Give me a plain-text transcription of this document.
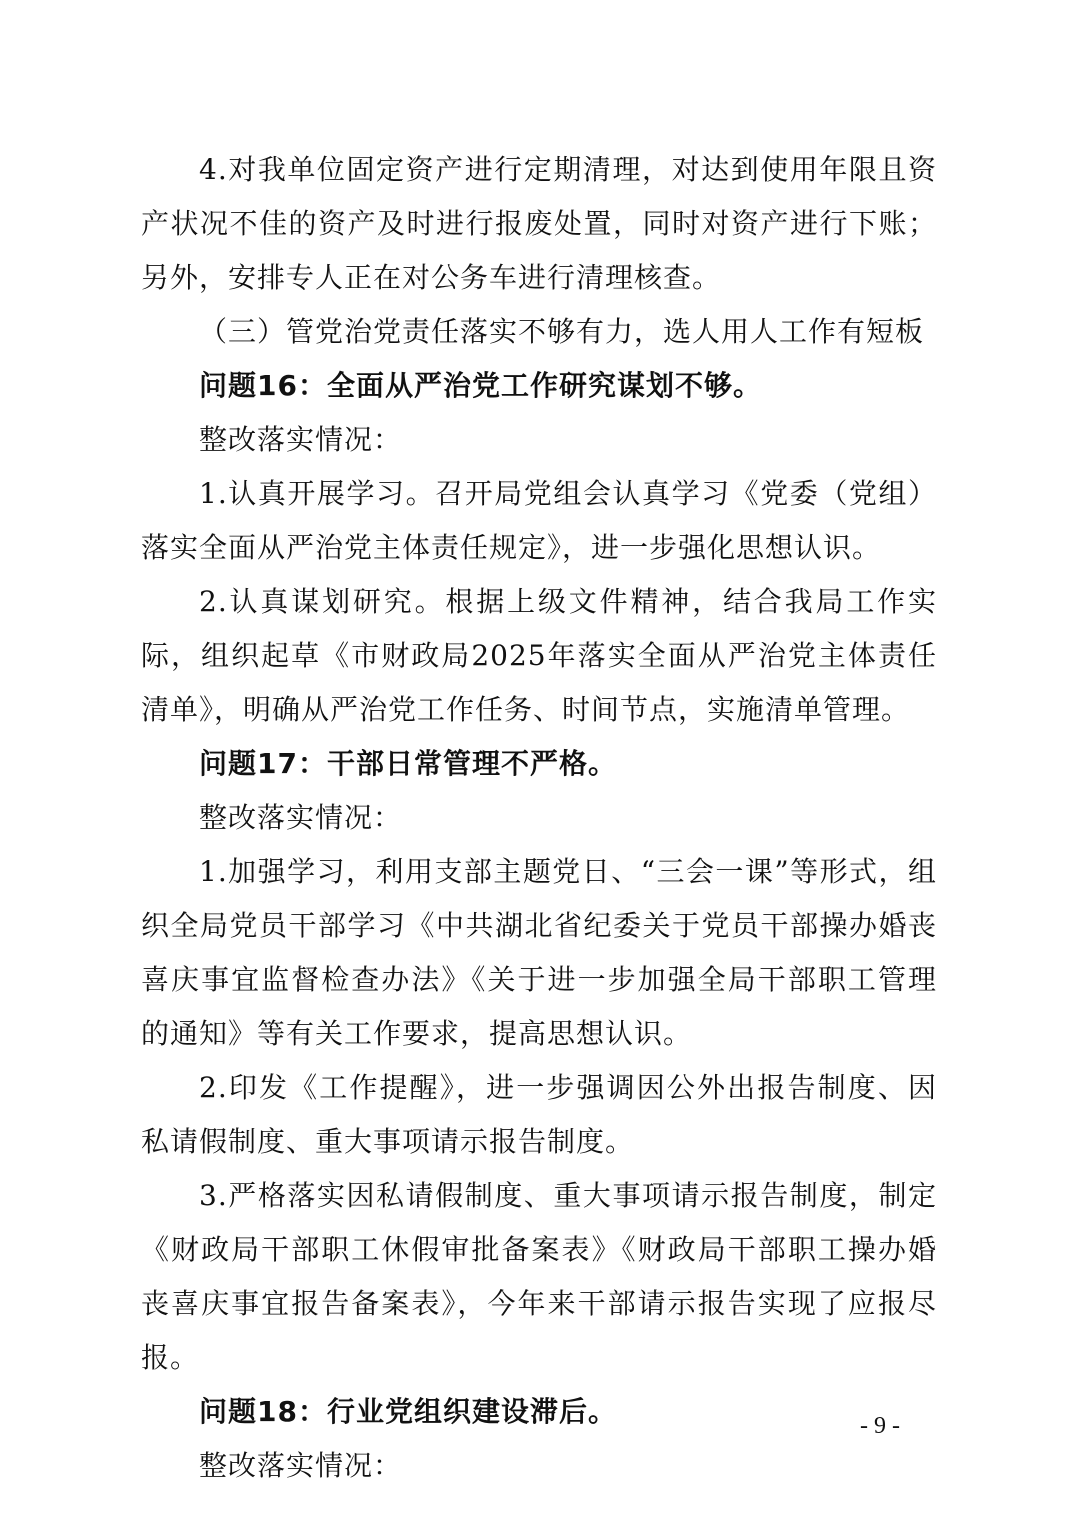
4.对我单位固定资产进行定期清理，对达到使用年限且资产状况不佳的资产及时进行报废处置，同时对资产进行下账；另外，安排专人正在对公务车进行清理核查。

（三）管党治党责任落实不够有力，选人用人工作有短板

问题16：全面从严治党工作研究谋划不够。

整改落实情况：

1.认真开展学习。召开局党组会认真学习《党委（党组）落实全面从严治党主体责任规定》，进一步强化思想认识。

2.认真谋划研究。根据上级文件精神，结合我局工作实际，组织起草《市财政局2025年落实全面从严治党主体责任清单》，明确从严治党工作任务、时间节点，实施清单管理。

问题17：干部日常管理不严格。

整改落实情况：

1.加强学习，利用支部主题党日、“三会一课”等形式，组织全局党员干部学习《中共湖北省纪委关于党员干部操办婚丧喜庆事宜监督检查办法》《关于进一步加强全局干部职工管理的通知》等有关工作要求，提高思想认识。

2.印发《工作提醒》，进一步强调因公外出报告制度、因私请假制度、重大事项请示报告制度。

3.严格落实因私请假制度、重大事项请示报告制度，制定《财政局干部职工休假审批备案表》《财政局干部职工操办婚丧喜庆事宜报告备案表》，今年来干部请示报告实现了应报尽报。

问题18：行业党组织建设滞后。

整改落实情况：

- 9 -
